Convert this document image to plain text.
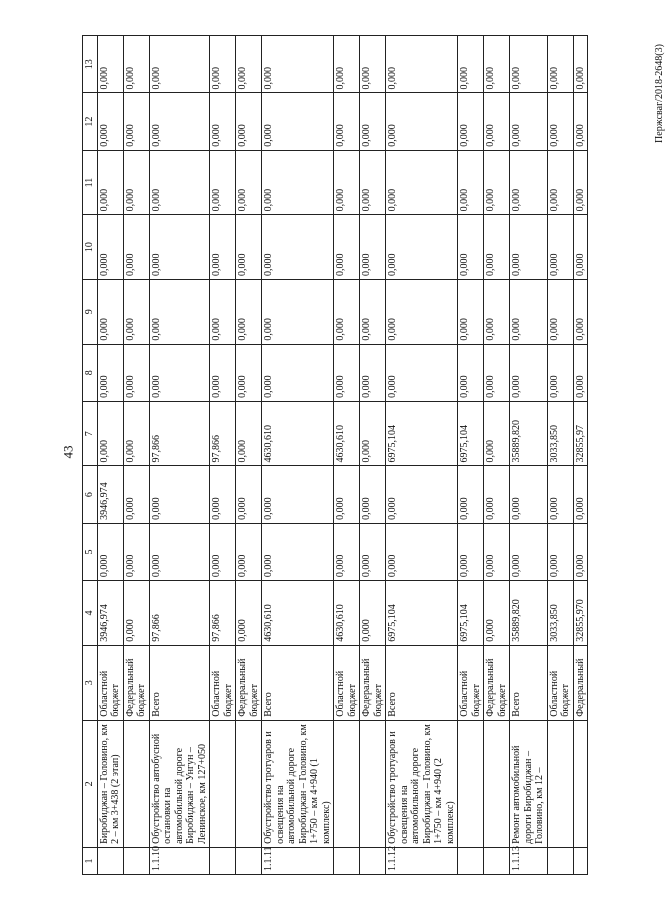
43
Пеpжcваг/2018-2648(3)
1	2	3	4	5	6	7	8	9	10	11	12	13
	Биробиджан – Головино, км 2 – км 3+438 (2 этап)	Областной бюджет	3946,974	0,000	3946,974	0,000	0,000	0,000	0,000	0,000	0,000	0,000
		Федеральный бюджет	0,000	0,000	0,000	0,000	0,000	0,000	0,000	0,000	0,000	0,000
1.1.10	Обустройство автобусной остановки на автомобильной дороге Биробиджан – Унгун – Ленинское, км 127+050	Всего	97,866	0,000	0,000	97,866	0,000	0,000	0,000	0,000	0,000	0,000
		Областной бюджет	97,866	0,000	0,000	97,866	0,000	0,000	0,000	0,000	0,000	0,000
		Федеральный бюджет	0,000	0,000	0,000	0,000	0,000	0,000	0,000	0,000	0,000	0,000
1.1.11	Обустройство тротуаров и освещения на автомобильной дороге Биробиджан – Головино, км 1+750 – км 4+940 (1 комплекс)	Всего	4630,610	0,000	0,000	4630,610	0,000	0,000	0,000	0,000	0,000	0,000
		Областной бюджет	4630,610	0,000	0,000	4630,610	0,000	0,000	0,000	0,000	0,000	0,000
		Федеральный бюджет	0,000	0,000	0,000	0,000	0,000	0,000	0,000	0,000	0,000	0,000
1.1.12	Обустройство тротуаров и освещения на автомобильной дороге Биробиджан – Головино, км 1+750 – км 4+940 (2 комплекс)	Всего	6975,104	0,000	0,000	6975,104	0,000	0,000	0,000	0,000	0,000	0,000
		Областной бюджет	6975,104	0,000	0,000	6975,104	0,000	0,000	0,000	0,000	0,000	0,000
		Федеральный бюджет	0,000	0,000	0,000	0,000	0,000	0,000	0,000	0,000	0,000	0,000
1.1.13	Ремонт автомобильной дороги Биробиджан – Головино, км 12 –	Всего	35889,820	0,000	0,000	35889,820	0,000	0,000	0,000	0,000	0,000	0,000
		Областной бюджет	3033,850	0,000	0,000	3033,850	0,000	0,000	0,000	0,000	0,000	0,000
		Федеральный	32855,970	0,000	0,000	32855,97	0,000	0,000	0,000	0,000	0,000	0,000
